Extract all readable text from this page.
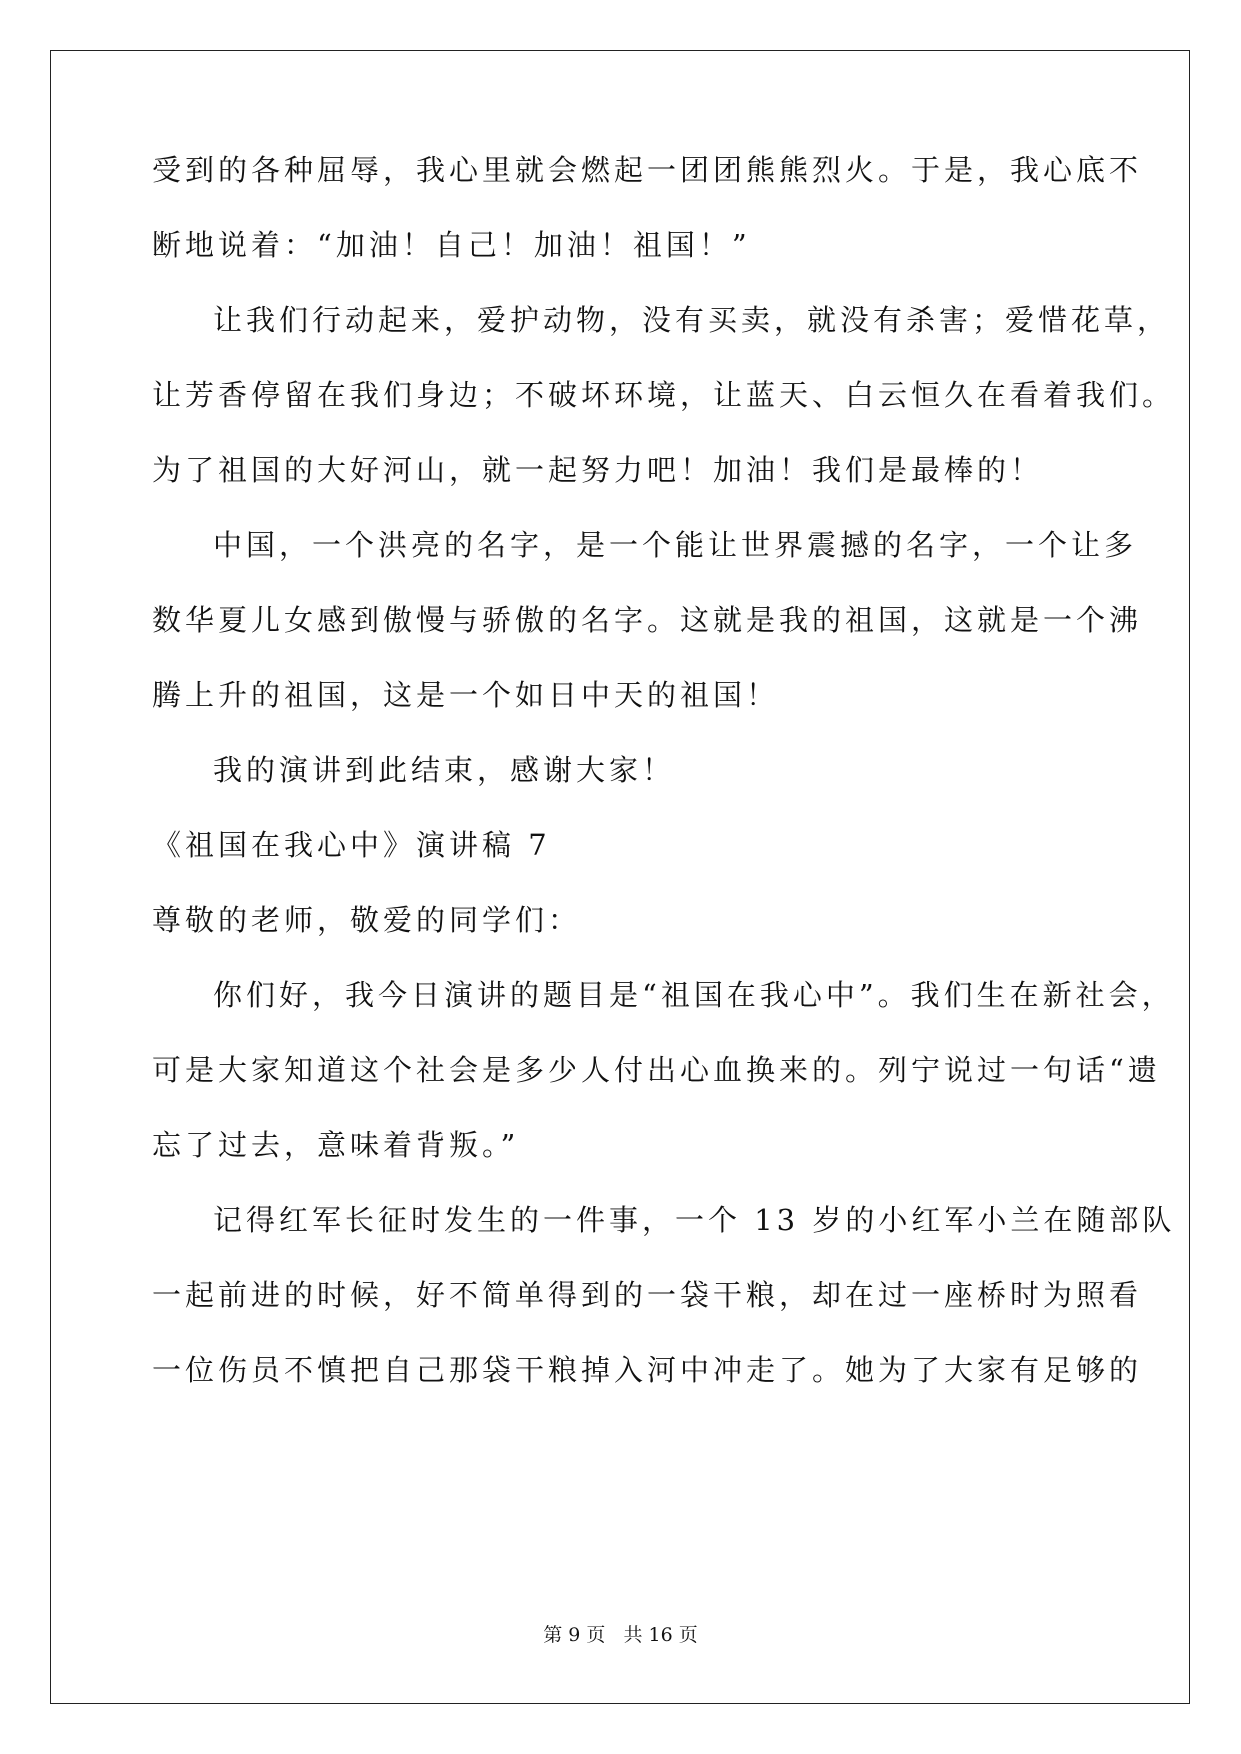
受到的各种屈辱，我心里就会燃起一团团熊熊烈火。于是，我心底不
断地说着：“加油！自己！加油！祖国！”
让我们行动起来，爱护动物，没有买卖，就没有杀害；爱惜花草，
让芳香停留在我们身边；不破坏环境，让蓝天、白云恒久在看着我们。
为了祖国的大好河山，就一起努力吧！加油！我们是最棒的！
中国，一个洪亮的名字，是一个能让世界震撼的名字，一个让多
数华夏儿女感到傲慢与骄傲的名字。这就是我的祖国，这就是一个沸
腾上升的祖国，这是一个如日中天的祖国！
我的演讲到此结束，感谢大家！
《祖国在我心中》演讲稿 7
尊敬的老师，敬爱的同学们：
你们好，我今日演讲的题目是“祖国在我心中”。我们生在新社会，
可是大家知道这个社会是多少人付出心血换来的。列宁说过一句话“遗
忘了过去，意味着背叛。”
记得红军长征时发生的一件事，一个 13 岁的小红军小兰在随部队
一起前进的时候，好不简单得到的一袋干粮，却在过一座桥时为照看
一位伤员不慎把自己那袋干粮掉入河中冲走了。她为了大家有足够的
第 9 页 共 16 页
